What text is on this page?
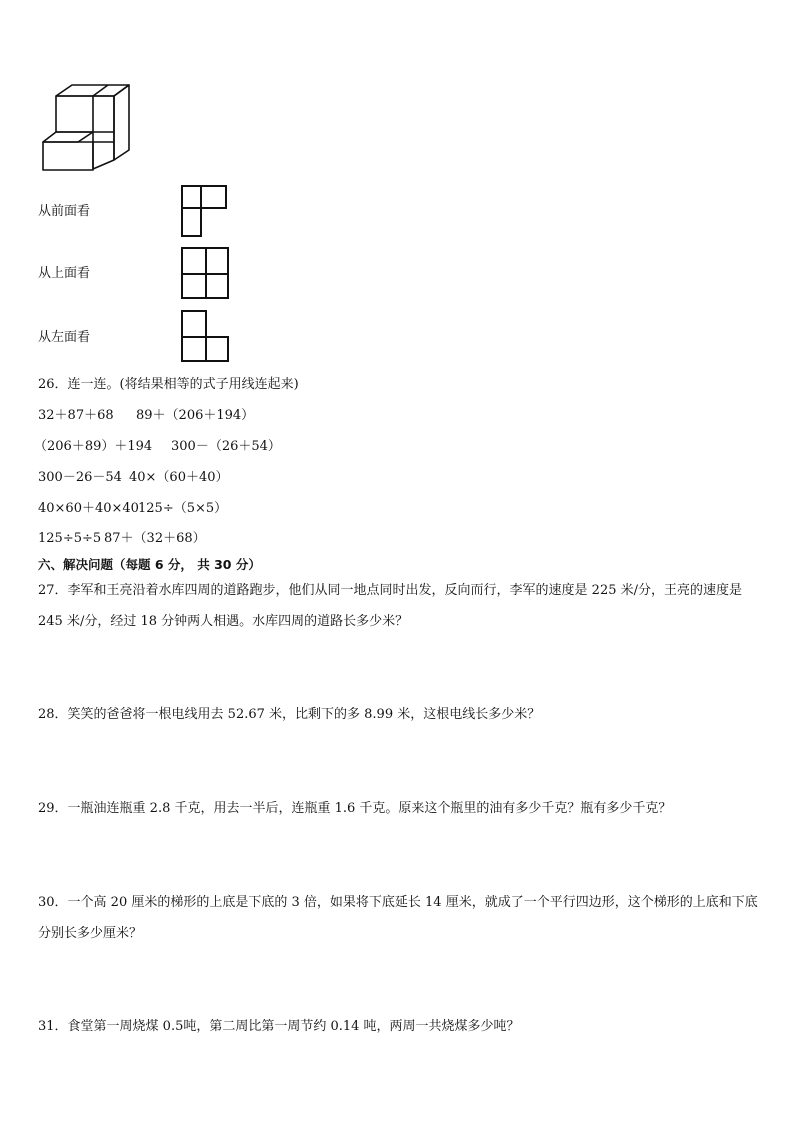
从前面看
从上面看
从左面看
26．连一连。(将结果相等的式子用线连起来)
32＋87＋68 89＋（206＋194）
（206＋89）＋194 300－（26＋54）
300－26－54 40×（60＋40）
40×60＋40×40 125÷（5×5）
125÷5÷5 87＋（32＋68）
六、解决问题（每题 6 分， 共 30 分）
27．李军和王亮沿着水库四周的道路跑步，他们从同一地点同时出发，反向而行，李军的速度是 225 米/分，王亮的速度是 245 米/分，经过 18 分钟两人相遇。水库四周的道路长多少米？
28．笑笑的爸爸将一根电线用去 52.67 米，比剩下的多 8.99 米，这根电线长多少米？
29．一瓶油连瓶重 2.8 千克，用去一半后，连瓶重 1.6 千克。原来这个瓶里的油有多少千克？瓶有多少千克？
30．一个高 20 厘米的梯形的上底是下底的 3 倍，如果将下底延长 14 厘米，就成了一个平行四边形，这个梯形的上底和下底分别长多少厘米？
31．食堂第一周烧煤 0.5吨，第二周比第一周节约 0.14 吨，两周一共烧煤多少吨？
